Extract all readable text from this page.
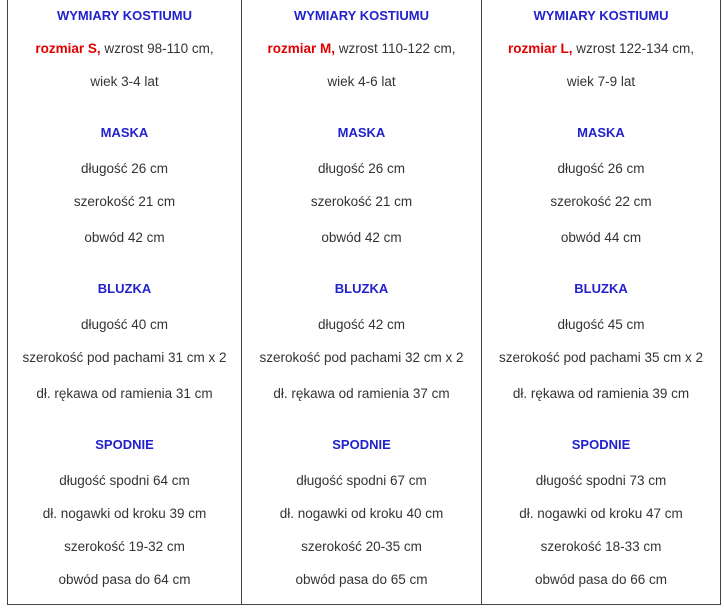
WYMIARY KOSTIUMU
rozmiar S, wzrost 98-110 cm,
wiek 3-4 lat
MASKA
długość 26 cm
szerokość 21 cm
obwód 42 cm
BLUZKA
długość 40 cm
szerokość pod pachami 31 cm x 2
dł. rękawa od ramienia 31 cm
SPODNIE
długość spodni 64 cm
dł. nogawki od kroku 39 cm
szerokość 19-32 cm
obwód pasa do 64 cm
WYMIARY KOSTIUMU
rozmiar M, wzrost 110-122 cm,
wiek 4-6 lat
MASKA
długość 26 cm
szerokość 21 cm
obwód 42 cm
BLUZKA
długość 42 cm
szerokość pod pachami 32 cm x 2
dł. rękawa od ramienia 37 cm
SPODNIE
długość spodni 67 cm
dł. nogawki od kroku 40 cm
szerokość 20-35 cm
obwód pasa do 65 cm
WYMIARY KOSTIUMU
rozmiar L, wzrost 122-134 cm,
wiek 7-9 lat
MASKA
długość 26 cm
szerokość 22 cm
obwód 44 cm
BLUZKA
długość 45 cm
szerokość pod pachami 35 cm x 2
dł. rękawa od ramienia 39 cm
SPODNIE
długość spodni 73 cm
dł. nogawki od kroku 47 cm
szerokość 18-33 cm
obwód pasa do 66 cm
